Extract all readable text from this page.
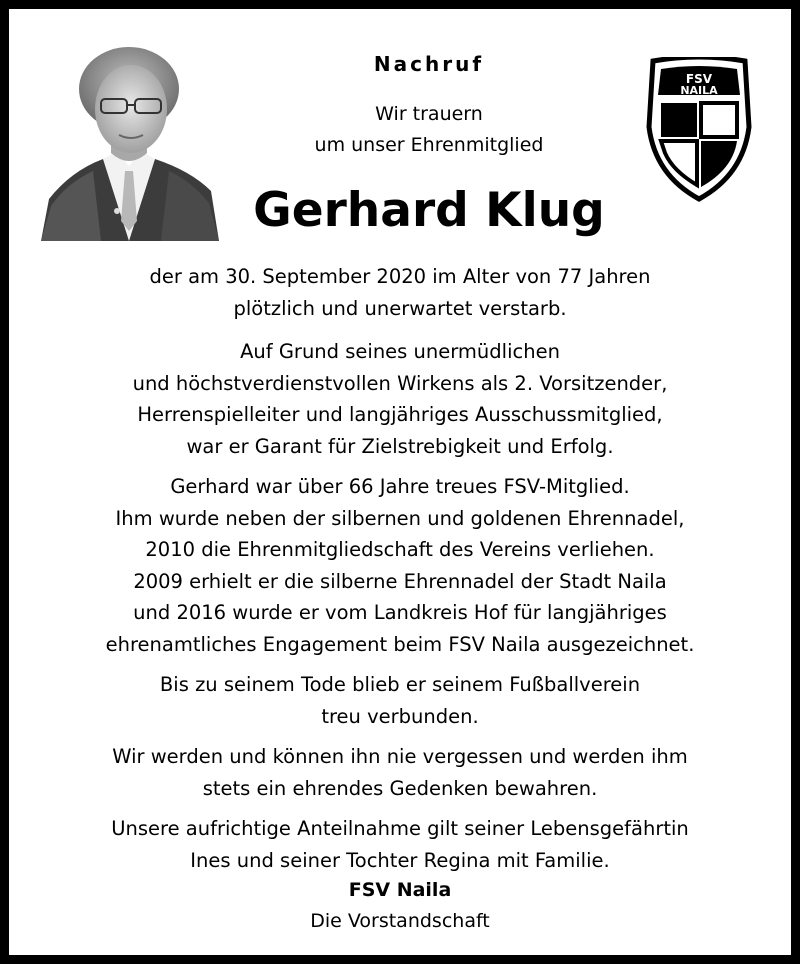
Nachruf
Wir trauern
um unser Ehrenmitglied
Gerhard Klug
FSV
NAILA

der am 30. September 2020 im Alter von 77 Jahren
plötzlich und unerwartet verstarb.

Auf Grund seines unermüdlichen
und höchstverdienstvollen Wirkens als 2. Vorsitzender,
Herrenspielleiter und langjähriges Ausschussmitglied,
war er Garant für Zielstrebigkeit und Erfolg.

Gerhard war über 66 Jahre treues FSV-Mitglied.
Ihm wurde neben der silbernen und goldenen Ehrennadel,
2010 die Ehrenmitgliedschaft des Vereins verliehen.
2009 erhielt er die silberne Ehrennadel der Stadt Naila
und 2016 wurde er vom Landkreis Hof für langjähriges
ehrenamtliches Engagement beim FSV Naila ausgezeichnet.

Bis zu seinem Tode blieb er seinem Fußballverein
treu verbunden.

Wir werden und können ihn nie vergessen und werden ihm
stets ein ehrendes Gedenken bewahren.

Unsere aufrichtige Anteilnahme gilt seiner Lebensgefährtin
Ines und seiner Tochter Regina mit Familie.

FSV Naila
Die Vorstandschaft
